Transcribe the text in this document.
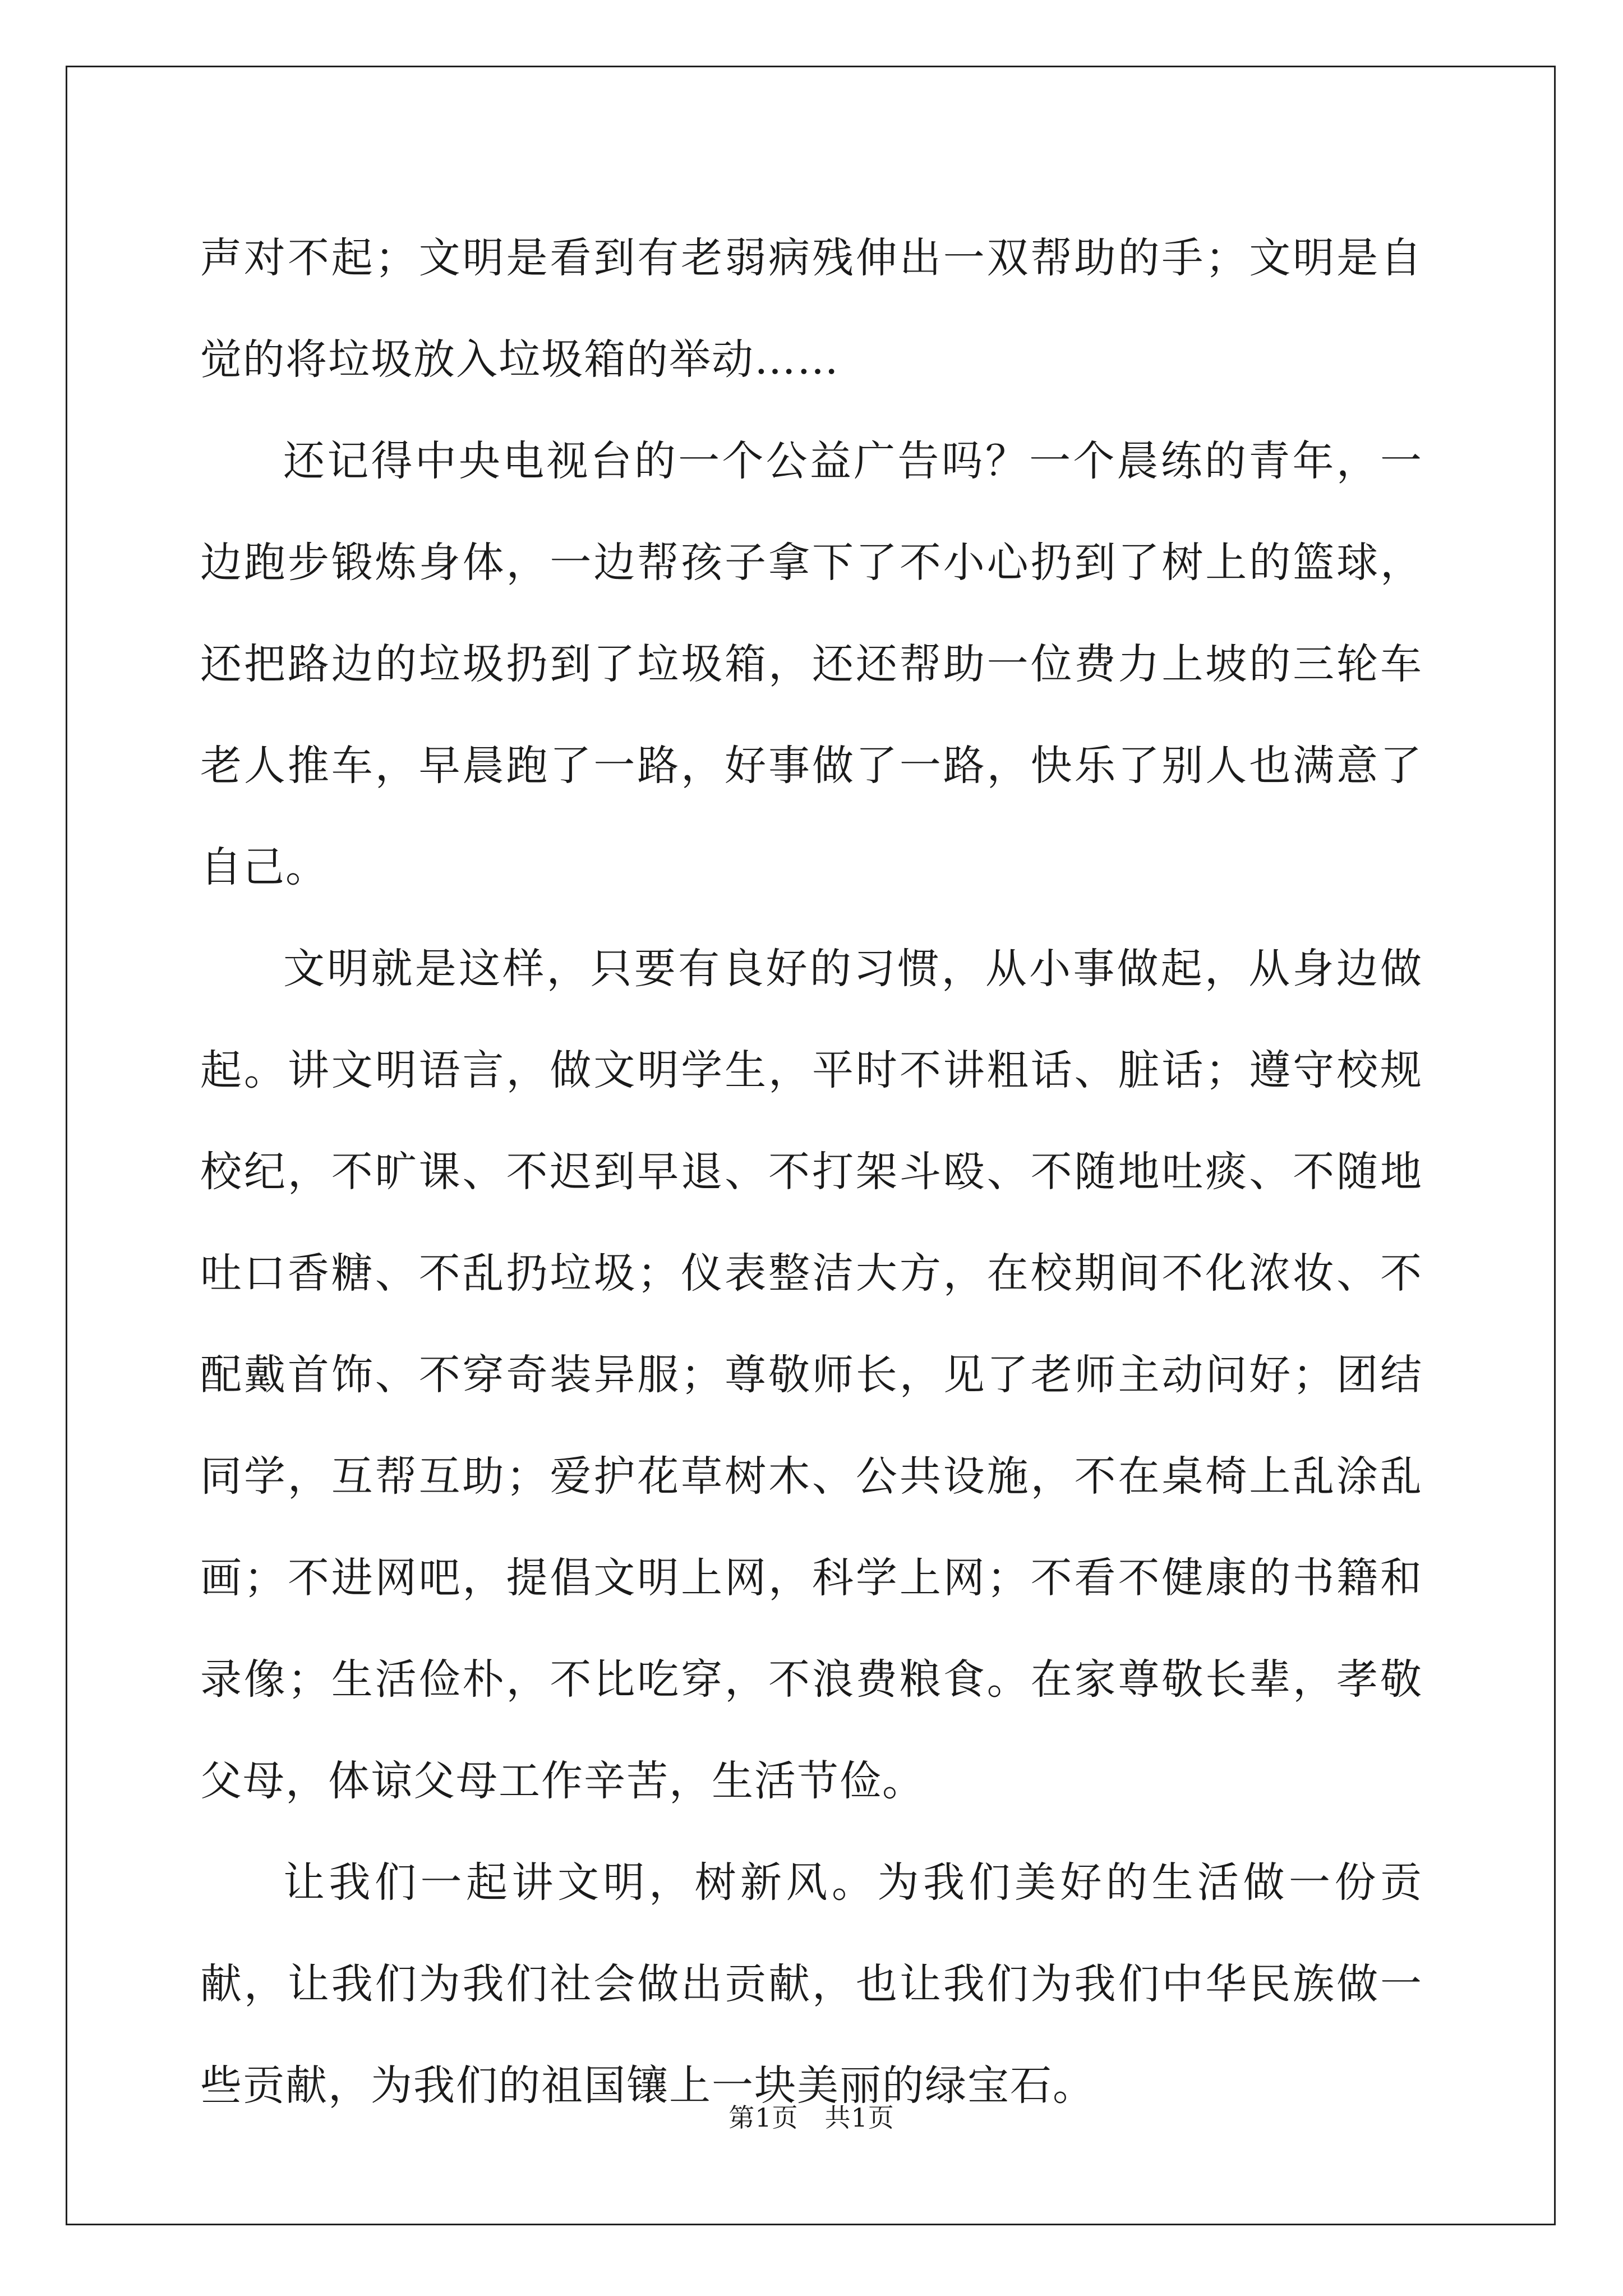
声对不起；文明是看到有老弱病残伸出一双帮助的手；文明是自觉的将垃圾放入垃圾箱的举动……

还记得中央电视台的一个公益广告吗？一个晨练的青年，一边跑步锻炼身体，一边帮孩子拿下了不小心扔到了树上的篮球，还把路边的垃圾扔到了垃圾箱，还还帮助一位费力上坡的三轮车老人推车，早晨跑了一路，好事做了一路，快乐了别人也满意了自己。

文明就是这样，只要有良好的习惯，从小事做起，从身边做起。讲文明语言，做文明学生，平时不讲粗话、脏话；遵守校规校纪，不旷课、不迟到早退、不打架斗殴、不随地吐痰、不随地吐口香糖、不乱扔垃圾；仪表整洁大方，在校期间不化浓妆、不配戴首饰、不穿奇装异服；尊敬师长，见了老师主动问好；团结同学，互帮互助；爱护花草树木、公共设施，不在桌椅上乱涂乱画；不进网吧，提倡文明上网，科学上网；不看不健康的书籍和录像；生活俭朴，不比吃穿，不浪费粮食。在家尊敬长辈，孝敬父母，体谅父母工作辛苦，生活节俭。

让我们一起讲文明，树新风。为我们美好的生活做一份贡献，让我们为我们社会做出贡献，也让我们为我们中华民族做一些贡献，为我们的祖国镶上一块美丽的绿宝石。

第1页　共1页
